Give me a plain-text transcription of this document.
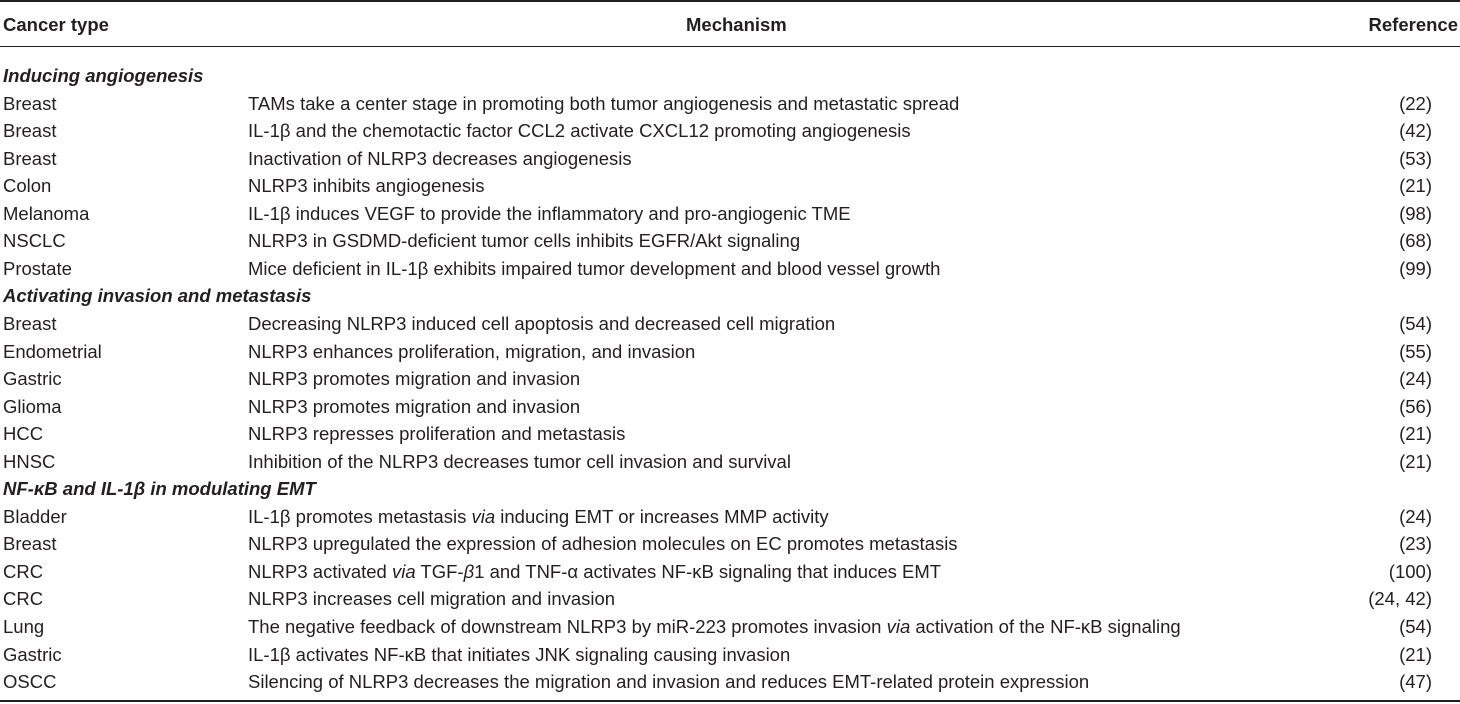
Cancer type	Mechanism	Reference
Inducing angiogenesis
Breast	TAMs take a center stage in promoting both tumor angiogenesis and metastatic spread	(22)
Breast	IL-1β and the chemotactic factor CCL2 activate CXCL12 promoting angiogenesis	(42)
Breast	Inactivation of NLRP3 decreases angiogenesis	(53)
Colon	NLRP3 inhibits angiogenesis	(21)
Melanoma	IL-1β induces VEGF to provide the inflammatory and pro-angiogenic TME	(98)
NSCLC	NLRP3 in GSDMD-deficient tumor cells inhibits EGFR/Akt signaling	(68)
Prostate	Mice deficient in IL-1β exhibits impaired tumor development and blood vessel growth	(99)
Activating invasion and metastasis
Breast	Decreasing NLRP3 induced cell apoptosis and decreased cell migration	(54)
Endometrial	NLRP3 enhances proliferation, migration, and invasion	(55)
Gastric	NLRP3 promotes migration and invasion	(24)
Glioma	NLRP3 promotes migration and invasion	(56)
HCC	NLRP3 represses proliferation and metastasis	(21)
HNSC	Inhibition of the NLRP3 decreases tumor cell invasion and survival	(21)
NF-κB and IL-1β in modulating EMT
Bladder	IL-1β promotes metastasis via inducing EMT or increases MMP activity	(24)
Breast	NLRP3 upregulated the expression of adhesion molecules on EC promotes metastasis	(23)
CRC	NLRP3 activated via TGF-β1 and TNF-α activates NF-κB signaling that induces EMT	(100)
CRC	NLRP3 increases cell migration and invasion	(24, 42)
Lung	The negative feedback of downstream NLRP3 by miR-223 promotes invasion via activation of the NF-κB signaling	(54)
Gastric	IL-1β activates NF-κB that initiates JNK signaling causing invasion	(21)
OSCC	Silencing of NLRP3 decreases the migration and invasion and reduces EMT-related protein expression	(47)
